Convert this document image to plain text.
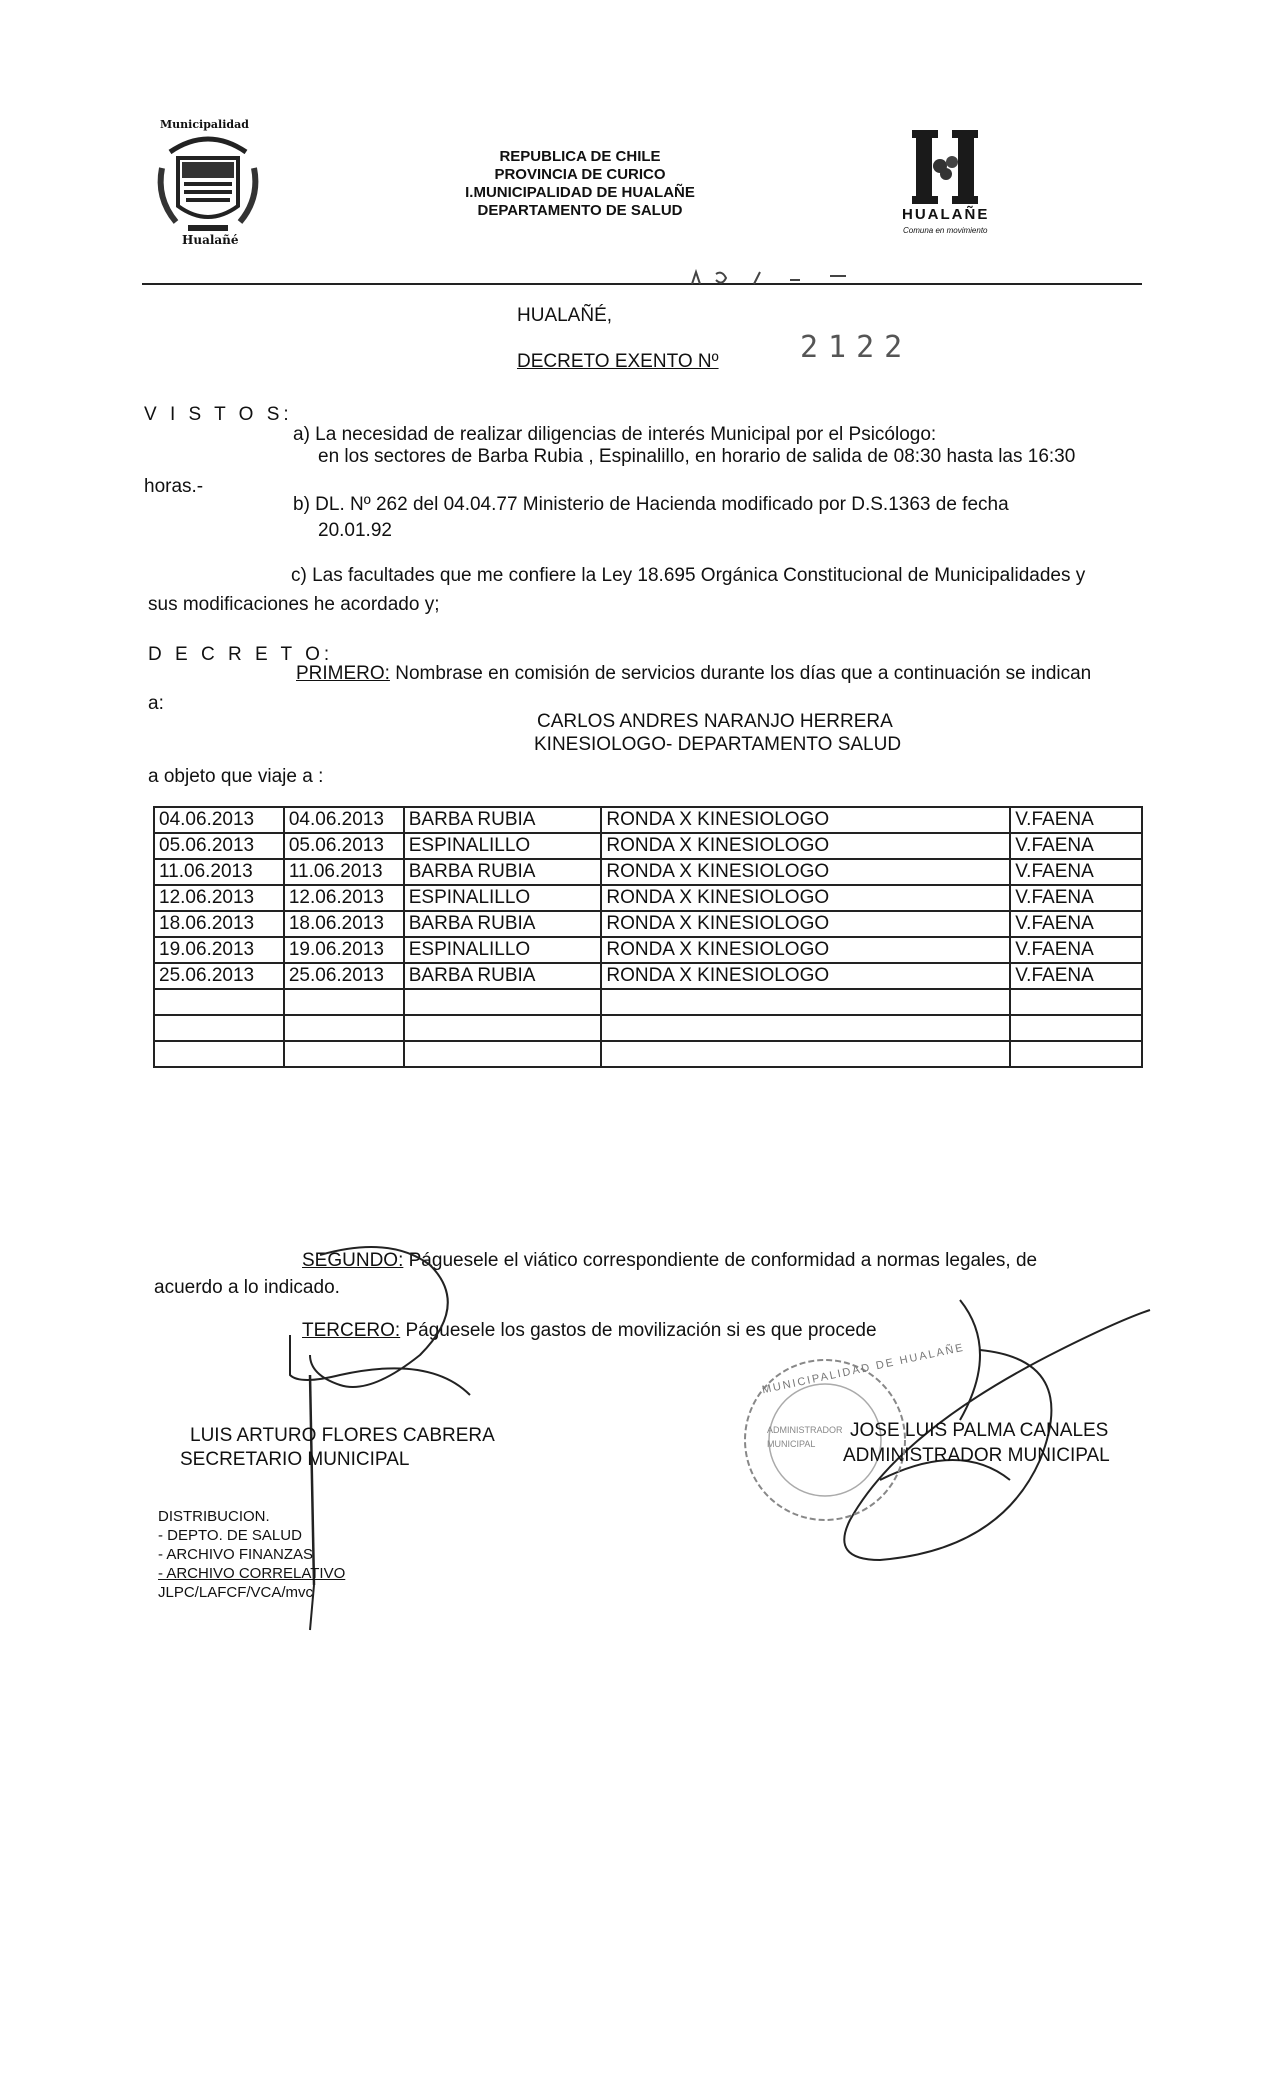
Municipalidad
Hualañé
REPUBLICA DE CHILE
PROVINCIA DE CURICO
I.MUNICIPALIDAD DE HUALAÑE
DEPARTAMENTO DE SALUD	HUALAÑE
Comuna en movimiento
HUALAÑÉ,
DECRETO EXENTO Nº	2122
V I S T O S:
a) La necesidad de realizar diligencias de interés Municipal por el Psicólogo:
en los sectores de Barba Rubia , Espinalillo, en horario de salida de 08:30 hasta las 16:30
horas.-
b) DL. Nº 262 del 04.04.77 Ministerio de Hacienda modificado por D.S.1363 de fecha
20.01.92
c) Las facultades que me confiere la Ley 18.695 Orgánica Constitucional de Municipalidades y
sus modificaciones he acordado y;
D E C R E T O:
PRIMERO: Nombrase en comisión de servicios durante los días que a continuación se indican
a:
CARLOS ANDRES NARANJO HERRERA
KINESIOLOGO- DEPARTAMENTO SALUD
a objeto que viaje a :
04.06.2013	04.06.2013	BARBA RUBIA	RONDA X KINESIOLOGO	V.FAENA
05.06.2013	05.06.2013	ESPINALILLO	RONDA X KINESIOLOGO	V.FAENA
11.06.2013	11.06.2013	BARBA RUBIA	RONDA X KINESIOLOGO	V.FAENA
12.06.2013	12.06.2013	ESPINALILLO	RONDA X KINESIOLOGO	V.FAENA
18.06.2013	18.06.2013	BARBA RUBIA	RONDA X KINESIOLOGO	V.FAENA
19.06.2013	19.06.2013	ESPINALILLO	RONDA X KINESIOLOGO	V.FAENA
25.06.2013	25.06.2013	BARBA RUBIA	RONDA X KINESIOLOGO	V.FAENA

SEGUNDO: Páguesele el viático correspondiente de conformidad a normas legales, de
acuerdo a lo indicado.
TERCERO: Páguesele los gastos de movilización si es que procede
MUNICIPALIDAD DE HUALAÑE
ADMINISTRADOR MUNICIPAL
LUIS ARTURO FLORES CABRERA
SECRETARIO MUNICIPAL
JOSE LUIS PALMA CANALES
ADMINISTRADOR MUNICIPAL
DISTRIBUCION.
- DEPTO. DE SALUD
- ARCHIVO FINANZAS
- ARCHIVO CORRELATIVO
JLPC/LAFCF/VCA/mvc
